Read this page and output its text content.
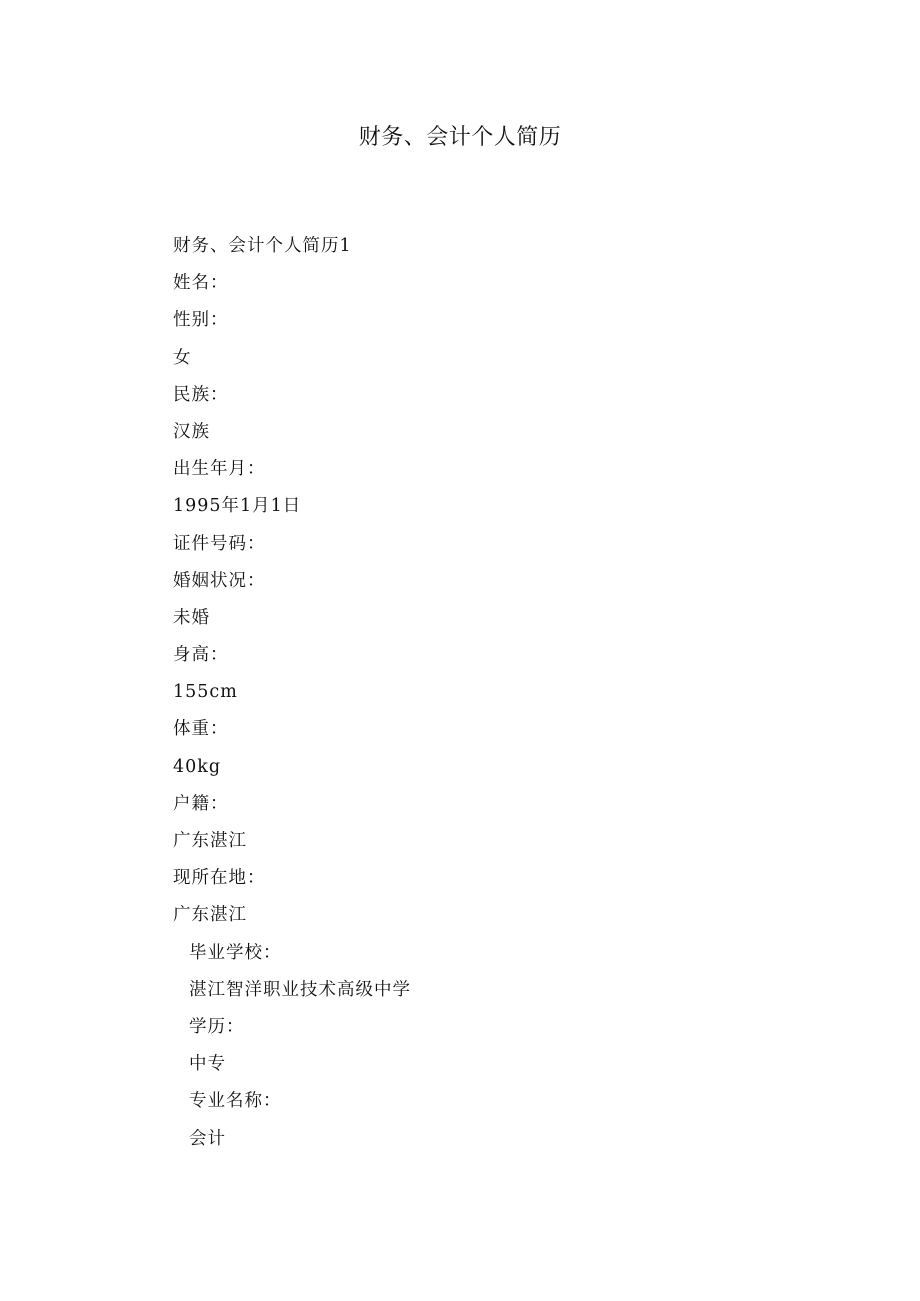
财务、会计个人简历
财务、会计个人简历1
姓名：
性别：
女
民族：
汉族
出生年月：
1995年1月1日
证件号码：
婚姻状况：
未婚
身高：
155cm
体重：
40kg
户籍：
广东湛江
现所在地：
广东湛江
毕业学校：
湛江智洋职业技术高级中学
学历：
中专
专业名称：
会计
